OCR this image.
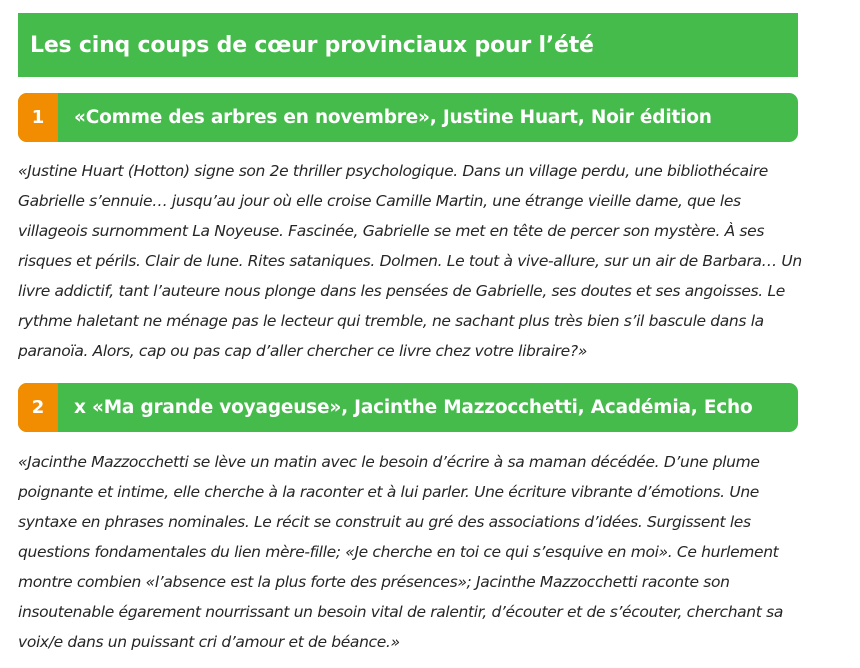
Les cinq coups de cœur provinciaux pour l’été
1	«Comme des arbres en novembre», Justine Huart, Noir édition

«Justine Huart (Hotton) signe son 2e thriller psychologique. Dans un village perdu, une bibliothécaire Gabrielle s’ennuie… jusqu’au jour où elle croise Camille Martin, une étrange vieille dame, que les villageois surnomment La Noyeuse. Fascinée, Gabrielle se met en tête de percer son mystère. À ses risques et périls. Clair de lune. Rites sataniques. Dolmen. Le tout à vive-allure, sur un air de Barbara… Un livre addictif, tant l’auteure nous plonge dans les pensées de Gabrielle, ses doutes et ses angoisses. Le rythme haletant ne ménage pas le lecteur qui tremble, ne sachant plus très bien s’il bascule dans la paranoïa. Alors, cap ou pas cap d’aller chercher ce livre chez votre libraire?»

2	x «Ma grande voyageuse», Jacinthe Mazzocchetti, Académia, Echo

«Jacinthe Mazzocchetti se lève un matin avec le besoin d’écrire à sa maman décédée. D’une plume poignante et intime, elle cherche à la raconter et à lui parler. Une écriture vibrante d’émotions. Une syntaxe en phrases nominales. Le récit se construit au gré des associations d’idées. Surgissent les questions fondamentales du lien mère-fille; «Je cherche en toi ce qui s’esquive en moi». Ce hurlement montre combien «l’absence est la plus forte des présences»; Jacinthe Mazzocchetti raconte son insoutenable égarement nourrissant un besoin vital de ralentir, d’écouter et de s’écouter, cherchant sa voix/e dans un puissant cri d’amour et de béance.»
